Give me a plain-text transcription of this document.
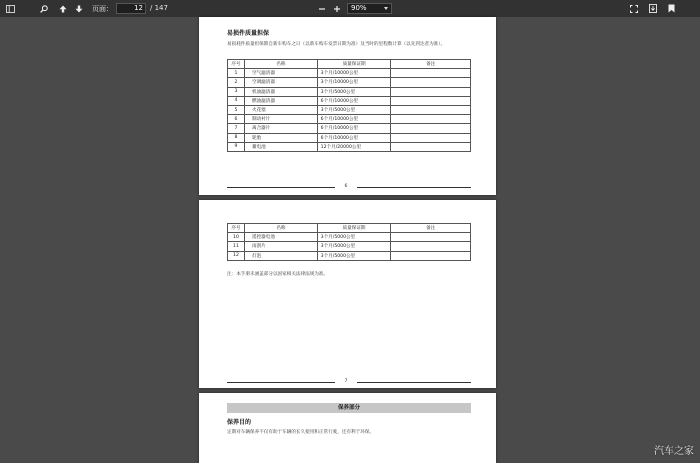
页面：	12	/ 147	90%
易损件质量担保
易损耗件质量担保期自新车购车之日（以新车购车发票日期为准）及当时的里程数计算（以先到达者为准）。
序号	名称	质量保证期	备注
1	空气滤清器	3个月/10000公里	
2	空调滤清器	3个月/10000公里	
3	机油滤清器	3个月/5000公里	
4	燃油滤清器	6个月/10000公里	
5	火花塞	3个月/5000公里	
6	制动衬片	6个月/10000公里	
7	离合器片	6个月/10000公里	
8	轮胎	6个月/10000公里	
9	蓄电池	12个月/20000公里	
6
序号	名称	质量保证期	备注
10	遥控器电池	3个月/5000公里	
11	雨刮片	3个月/5000公里	
12	灯泡	3个月/5000公里	
注：本手册未涵盖部分以国家相关法律法规为准。
7
保养部分
保养目的
定期对车辆保养不仅有助于车辆的长久使用和正常行驶，还有利于环保。
汽车之家
